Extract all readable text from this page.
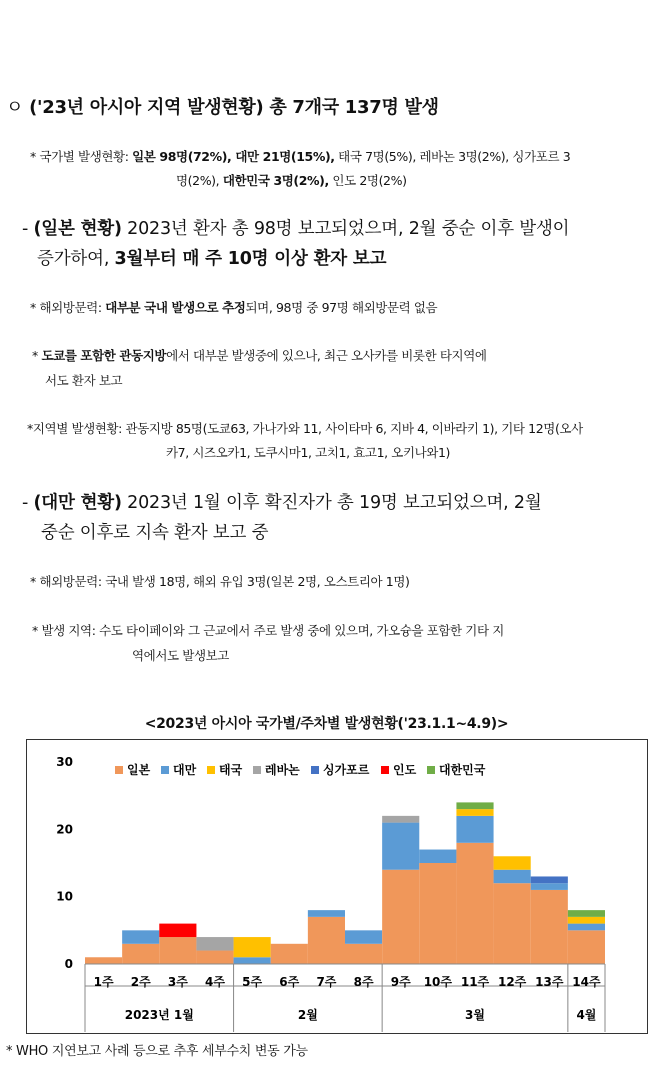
ㅇ ('23년 아시아 지역 발생현황) 총 7개국 137명 발생
* 국가별 발생현황: 일본 98명(72%), 대만 21명(15%), 태국 7명(5%), 레바논 3명(2%), 싱가포르 3
명(2%), 대한민국 3명(2%), 인도 2명(2%)
- (일본 현황) 2023년 환자 총 98명 보고되었으며, 2월 중순 이후 발생이
증가하여, 3월부터 매 주 10명 이상 환자 보고
* 해외방문력: 대부분 국내 발생으로 추정되며, 98명 중 97명 해외방문력 없음
* 도쿄를 포함한 관동지방에서 대부분 발생중에 있으나, 최근 오사카를 비롯한 타지역에
서도 환자 보고
*지역별 발생현황: 관동지방 85명(도쿄63, 가나가와 11, 사이타마 6, 지바 4, 이바라키 1), 기타 12명(오사
카7, 시즈오카1, 도쿠시마1, 고치1, 효고1, 오키나와1)
- (대만 현황) 2023년 1월 이후 확진자가 총 19명 보고되었으며, 2월
중순 이후로 지속 환자 보고 중
* 해외방문력: 국내 발생 18명, 해외 유입 3명(일본 2명, 오스트리아 1명)
* 발생 지역: 수도 타이페이와 그 근교에서 주로 발생 중에 있으며, 가오슝을 포함한 기타 지
역에서도 발생보고
<2023년 아시아 국가별/주차별 발생현황('23.1.1~4.9)>
0
10
20
30
1주 2주 3주 4주 5주 6주 7주 8주 9주 10주 11주 12주 13주 14주
2023년 1월	2월	3월	4월
일본 대만 태국 레바논 싱가포르 인도 대한민국
* WHO 지연보고 사례 등으로 추후 세부수치 변동 가능
